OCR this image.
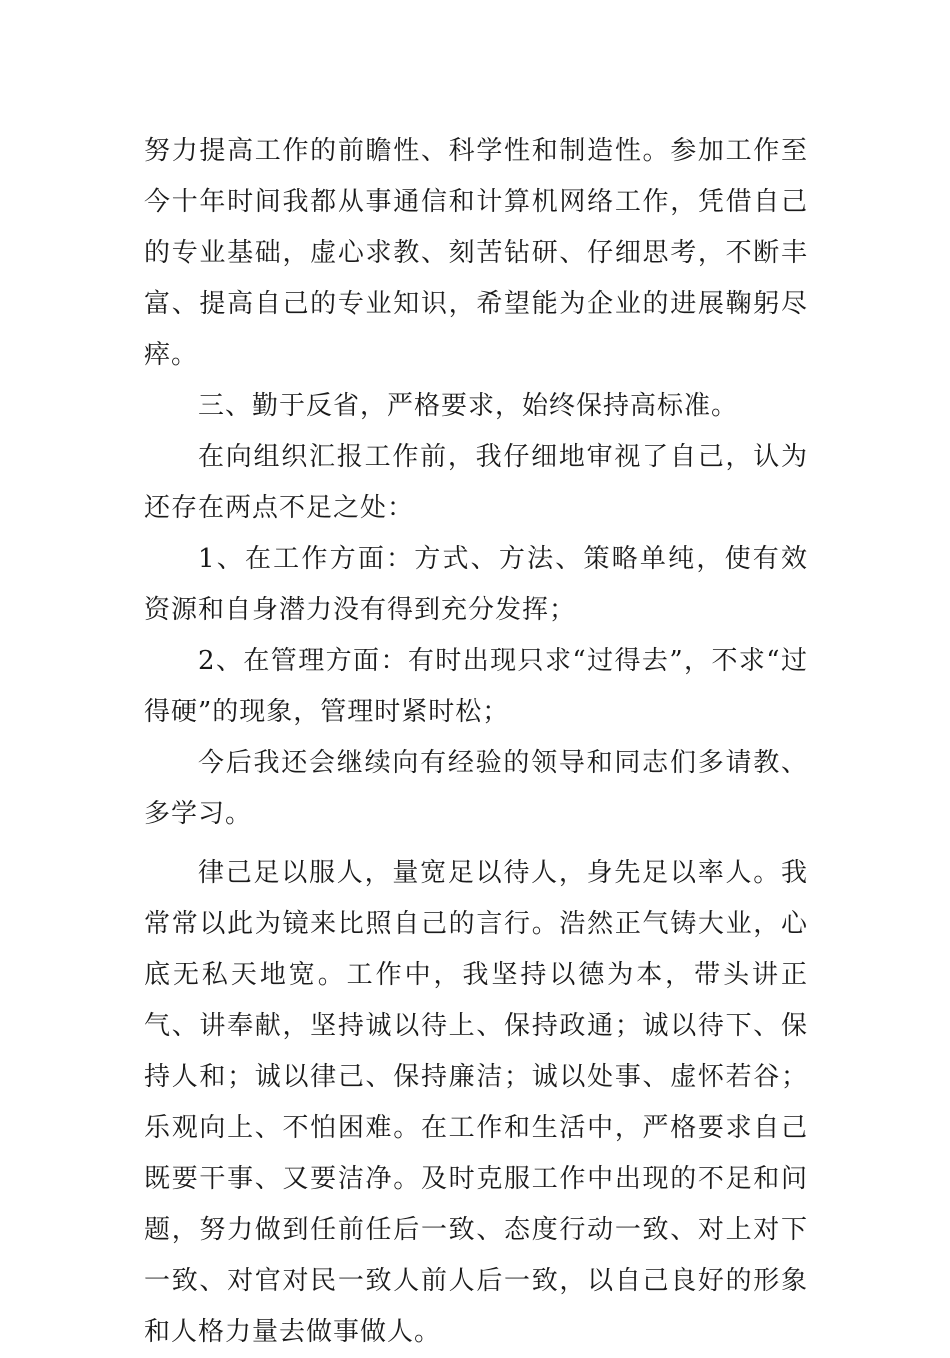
努力提高工作的前瞻性、科学性和制造性。参加工作至今十年时间我都从事通信和计算机网络工作，凭借自己的专业基础，虚心求教、刻苦钻研、仔细思考，不断丰富、提高自己的专业知识，希望能为企业的进展鞠躬尽瘁。

三、勤于反省，严格要求，始终保持高标准。

在向组织汇报工作前，我仔细地审视了自己，认为还存在两点不足之处：

1、在工作方面：方式、方法、策略单纯，使有效资源和自身潜力没有得到充分发挥；

2、在管理方面：有时出现只求“过得去”，不求“过得硬”的现象，管理时紧时松；

今后我还会继续向有经验的领导和同志们多请教、多学习。

律己足以服人，量宽足以待人，身先足以率人。我常常以此为镜来比照自己的言行。浩然正气铸大业，心底无私天地宽。工作中，我坚持以德为本，带头讲正气、讲奉献，坚持诚以待上、保持政通；诚以待下、保持人和；诚以律己、保持廉洁；诚以处事、虚怀若谷；乐观向上、不怕困难。在工作和生活中，严格要求自己既要干事、又要洁净。及时克服工作中出现的不足和问题，努力做到任前任后一致、态度行动一致、对上对下一致、对官对民一致人前人后一致，以自己良好的形象和人格力量去做事做人。
